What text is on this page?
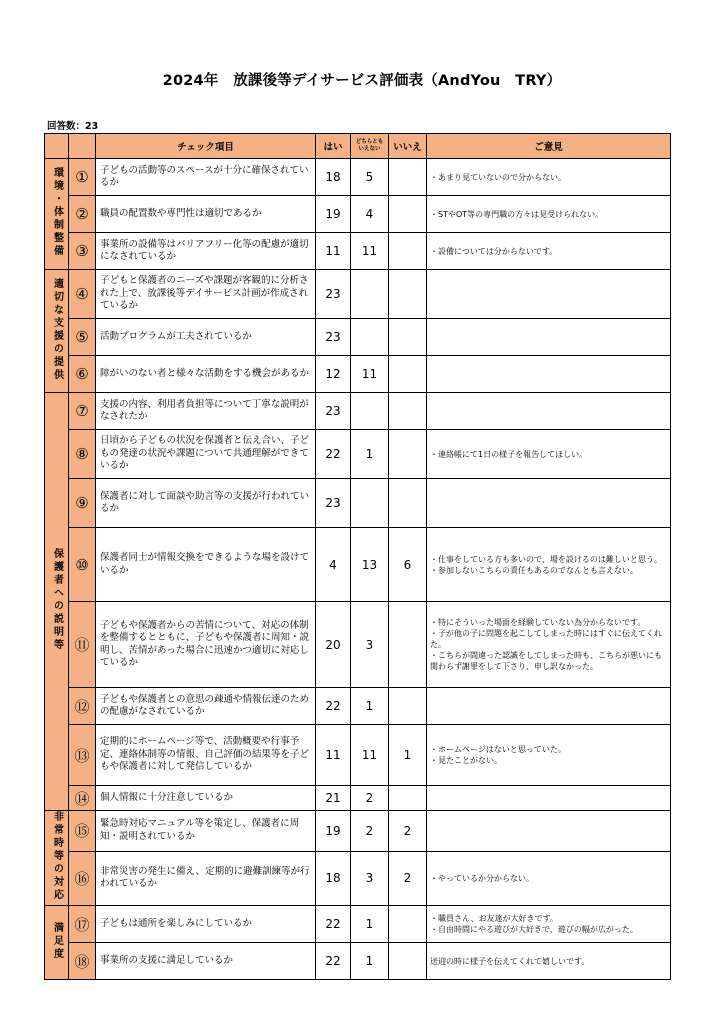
2024年　放課後等デイサービス評価表（AndYou　TRY）
回答数：23
		チェック項目	はい	どちらとも
いえない	いいえ	ご意見
環境・体制整備	①	子どもの活動等のスペースが十分に確保されているか	18	5		・あまり見ていないので分からない。

	②	職員の配置数や専門性は適切であるか	19	4		・STやOT等の専門職の方々は見受けられない。

	③	事業所の設備等はバリアフリー化等の配慮が適切になされているか	11	11		・設備については分からないです。

適切な支援の提供	④	子どもと保護者のニーズや課題が客観的に分析された上で、放課後等デイサービス計画が作成されているか	23			
	⑤	活動プログラムが工夫されているか	23			
	⑥	障がいのない者と様々な活動をする機会があるか	12	11		
保護者への説明等	⑦	支援の内容、利用者負担等について丁寧な説明がなされたか	23			
	⑧	日頃から子どもの状況を保護者と伝え合い、子どもの発達の状況や課題について共通理解ができているか	22	1		・連絡帳にて1日の様子を報告してほしい。

	⑨	保護者に対して面談や助言等の支援が行われているか	23			
	⑩	保護者同士が情報交換をできるような場を設けているか	4	13	6	・仕事をしている方も多いので、場を設けるのは難しいと思う。
・参加しないこちらの責任もあるのでなんとも言えない。

	⑪	子どもや保護者からの苦情について、対応の体制を整備するとともに、子どもや保護者に周知・説明し、苦情があった場合に迅速かつ適切に対応しているか	20	3		・特にそういった場面を経験していない為分からないです。
・子が他の子に問題を起こしてしまった時にはすぐに伝えてくれた。
・こちらが間違った認識をしてしまった時も、こちらが悪いにも関わらず謝罪をして下さり、申し訳なかった。

	⑫	子どもや保護者との意思の疎通や情報伝達のための配慮がなされているか	22	1		
	⑬	定期的にホームページ等で、活動概要や行事予定、連絡体制等の情報、自己評価の結果等を子どもや保護者に対して発信しているか	11	11	1	・ホームページはないと思っていた。
・見たことがない。

	⑭	個人情報に十分注意しているか	21	2		
非常時等の対応	⑮	緊急時対応マニュアル等を策定し、保護者に周知・説明されているか	19	2	2	
	⑯	非常災害の発生に備え、定期的に避難訓練等が行われているか	18	3	2	・やっているか分からない。

満足度	⑰	子どもは通所を楽しみにしているか	22	1		・職員さん、お友達が大好きです。
・自由時間にやる遊びが大好きで、遊びの幅が広がった。

	⑱	事業所の支援に満足しているか	22	1		送迎の時に様子を伝えてくれて嬉しいです。
